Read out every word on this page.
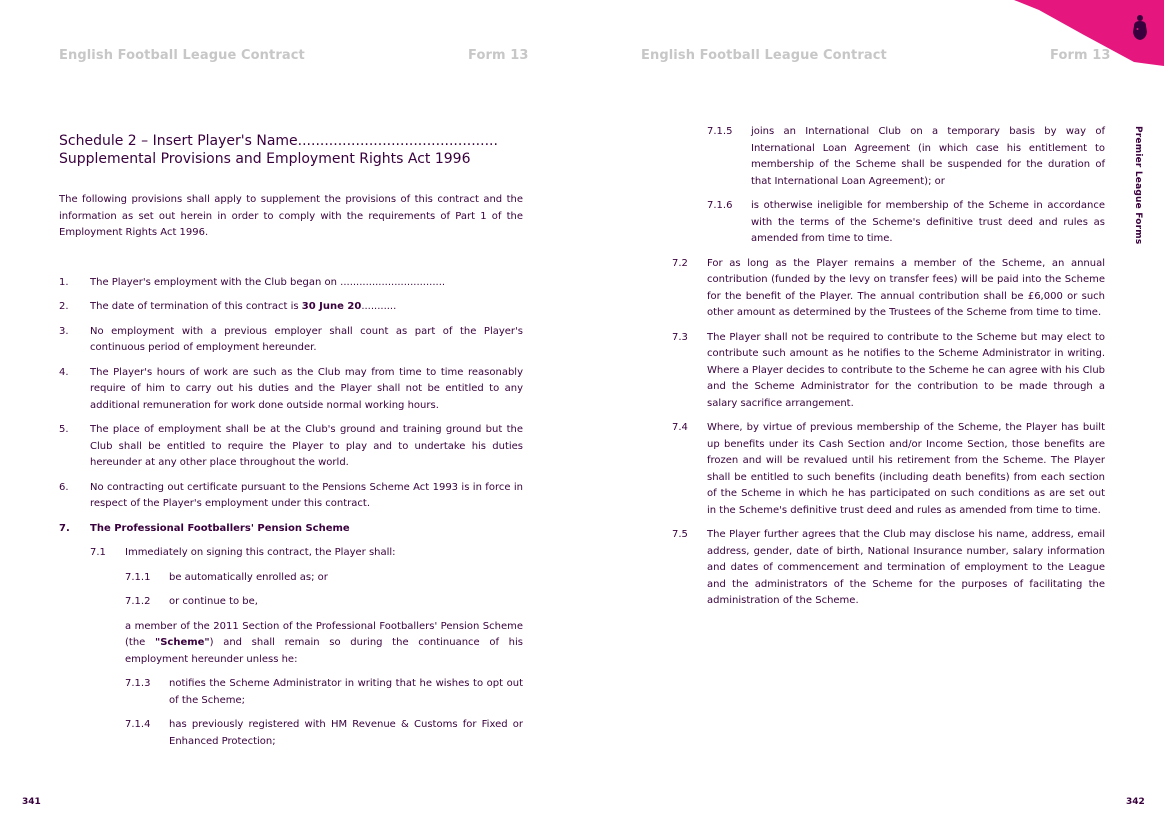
English Football League Contract	Form 13	English Football League Contract	Form 13
Premier League Forms
341	342

Schedule 2 – Insert Player's Name.............................................

Supplemental Provisions and Employment Rights Act 1996

The following provisions shall apply to supplement the provisions of this contract and the information as set out herein in order to comply with the requirements of Part 1 of the Employment Rights Act 1996.

1. The Player's employment with the Club began on .................................
2. The date of termination of this contract is 30 June 20...........
3. No employment with a previous employer shall count as part of the Player's continuous period of employment hereunder.
4. The Player's hours of work are such as the Club may from time to time reasonably require of him to carry out his duties and the Player shall not be entitled to any additional remuneration for work done outside normal working hours.
5. The place of employment shall be at the Club's ground and training ground but the Club shall be entitled to require the Player to play and to undertake his duties hereunder at any other place throughout the world.
6. No contracting out certificate pursuant to the Pensions Scheme Act 1993 is in force in respect of the Player's employment under this contract.
7. The Professional Footballers' Pension Scheme
7.1 Immediately on signing this contract, the Player shall:
7.1.1 be automatically enrolled as; or
7.1.2 or continue to be,
a member of the 2011 Section of the Professional Footballers' Pension Scheme (the "Scheme") and shall remain so during the continuance of his employment hereunder unless he:
7.1.3 notifies the Scheme Administrator in writing that he wishes to opt out of the Scheme;
7.1.4 has previously registered with HM Revenue & Customs for Fixed or Enhanced Protection;
7.1.5 joins an International Club on a temporary basis by way of International Loan Agreement (in which case his entitlement to membership of the Scheme shall be suspended for the duration of that International Loan Agreement); or
7.1.6 is otherwise ineligible for membership of the Scheme in accordance with the terms of the Scheme's definitive trust deed and rules as amended from time to time.
7.2 For as long as the Player remains a member of the Scheme, an annual contribution (funded by the levy on transfer fees) will be paid into the Scheme for the benefit of the Player. The annual contribution shall be £6,000 or such other amount as determined by the Trustees of the Scheme from time to time.
7.3 The Player shall not be required to contribute to the Scheme but may elect to contribute such amount as he notifies to the Scheme Administrator in writing. Where a Player decides to contribute to the Scheme he can agree with his Club and the Scheme Administrator for the contribution to be made through a salary sacrifice arrangement.
7.4 Where, by virtue of previous membership of the Scheme, the Player has built up benefits under its Cash Section and/or Income Section, those benefits are frozen and will be revalued until his retirement from the Scheme. The Player shall be entitled to such benefits (including death benefits) from each section of the Scheme in which he has participated on such conditions as are set out in the Scheme's definitive trust deed and rules as amended from time to time.
7.5 The Player further agrees that the Club may disclose his name, address, email address, gender, date of birth, National Insurance number, salary information and dates of commencement and termination of employment to the League and the administrators of the Scheme for the purposes of facilitating the administration of the Scheme.
